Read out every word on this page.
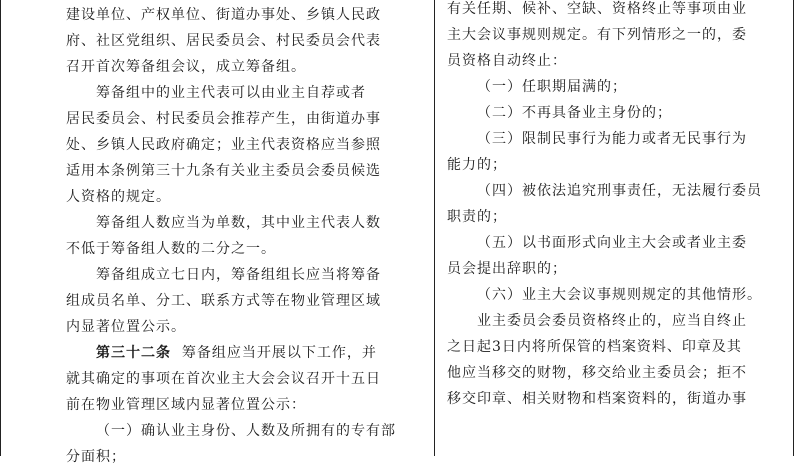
建设单位、产权单位、街道办事处、乡镇人民政
府、社区党组织、居民委员会、村民委员会代表
召开首次筹备组会议，成立筹备组。

筹备组中的业主代表可以由业主自荐或者
居民委员会、村民委员会推荐产生，由街道办事
处、乡镇人民政府确定；业主代表资格应当参照
适用本条例第三十九条有关业主委员会委员候选
人资格的规定。

筹备组人数应当为单数，其中业主代表人数
不低于筹备组人数的二分之一。

筹备组成立七日内，筹备组组长应当将筹备
组成员名单、分工、联系方式等在物业管理区域
内显著位置公示。

第三十二条 筹备组应当开展以下工作，并
就其确定的事项在首次业主大会会议召开十五日
前在物业管理区域内显著位置公示：

（一）确认业主身份、人数及所拥有的专有部
分面积；

有关任期、候补、空缺、资格终止等事项由业
主大会议事规则规定。有下列情形之一的，委
员资格自动终止：

（一）任职期届满的；

（二）不再具备业主身份的；

（三）限制民事行为能力或者无民事行为
能力的；

（四）被依法追究刑事责任，无法履行委员
职责的；

（五）以书面形式向业主大会或者业主委
员会提出辞职的；

（六）业主大会议事规则规定的其他情形。

业主委员会委员资格终止的，应当自终止
之日起3日内将所保管的档案资料、印章及其
他应当移交的财物，移交给业主委员会；拒不
移交印章、相关财物和档案资料的，街道办事
